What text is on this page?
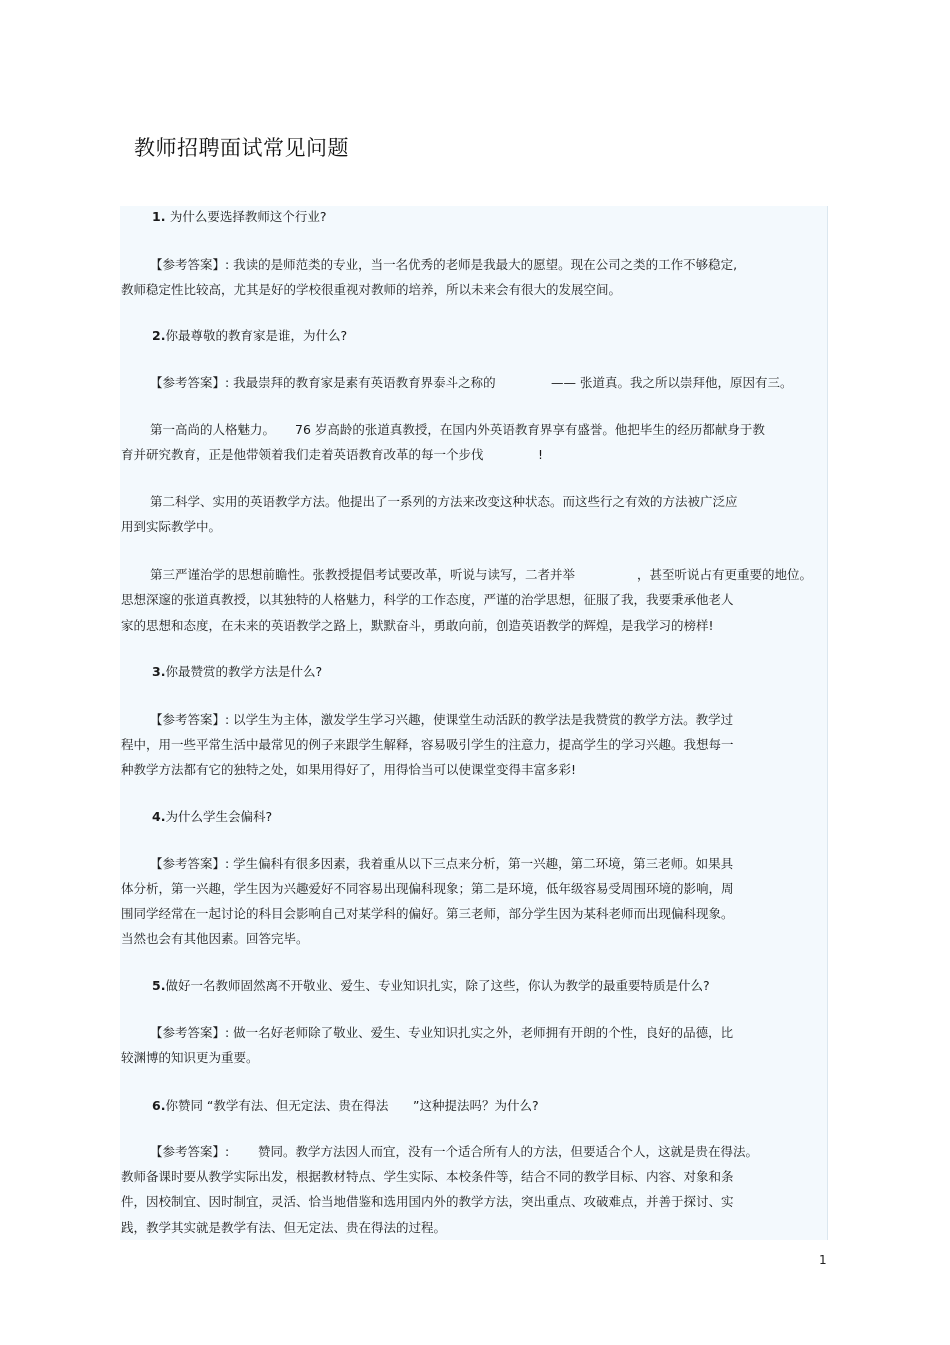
教师招聘面试常见问题
1. 为什么要选择教师这个行业?
【参考答案】: 我读的是师范类的专业，当一名优秀的老师是我最大的愿望。现在公司之类的工作不够稳定,
教师稳定性比较高，尤其是好的学校很重视对教师的培养，所以未来会有很大的发展空间。
2.你最尊敬的教育家是谁，为什么?
【参考答案】: 我最崇拜的教育家是素有英语教育界泰斗之称的	—— 张道真。我之所以崇拜他，原因有三。
第一高尚的人格魅力。 76 岁高龄的张道真教授，在国内外英语教育界享有盛誉。他把毕生的经历都献身于教
育并研究教育，正是他带领着我们走着英语教育改革的每一个步伐	!
第二科学、实用的英语教学方法。他提出了一系列的方法来改变这种状态。而这些行之有效的方法被广泛应
用到实际教学中。
第三严谨治学的思想前瞻性。张教授提倡考试要改革，听说与读写，二者并举	，甚至听说占有更重要的地位。
思想深邃的张道真教授，以其独特的人格魅力，科学的工作态度，严谨的治学思想，征服了我，我要秉承他老人
家的思想和态度，在未来的英语教学之路上，默默奋斗，勇敢向前，创造英语教学的辉煌，是我学习的榜样!
3.你最赞赏的教学方法是什么?
【参考答案】: 以学生为主体，激发学生学习兴趣，使课堂生动活跃的教学法是我赞赏的教学方法。教学过
程中，用一些平常生活中最常见的例子来跟学生解释，容易吸引学生的注意力，提高学生的学习兴趣。我想每一
种教学方法都有它的独特之处，如果用得好了，用得恰当可以使课堂变得丰富多彩!
4.为什么学生会偏科?
【参考答案】: 学生偏科有很多因素，我着重从以下三点来分析，第一兴趣，第二环境，第三老师。如果具
体分析，第一兴趣，学生因为兴趣爱好不同容易出现偏科现象；第二是环境，低年级容易受周围环境的影响，周
围同学经常在一起讨论的科目会影响自己对某学科的偏好。第三老师，部分学生因为某科老师而出现偏科现象。
当然也会有其他因素。回答完毕。
5.做好一名教师固然离不开敬业、爱生、专业知识扎实，除了这些，你认为教学的最重要特质是什么?
【参考答案】: 做一名好老师除了敬业、爱生、专业知识扎实之外，老师拥有开朗的个性，良好的品德，比
较渊博的知识更为重要。
6.你赞同 “教学有法、但无定法、贵在得法 ”这种提法吗？为什么?
【参考答案】: 赞同。教学方法因人而宜，没有一个适合所有人的方法，但要适合个人，这就是贵在得法。
教师备课时要从教学实际出发，根据教材特点、学生实际、本校条件等，结合不同的教学目标、内容、对象和条
件，因校制宜、因时制宜，灵活、恰当地借鉴和选用国内外的教学方法，突出重点、攻破难点，并善于探讨、实
践，教学其实就是教学有法、但无定法、贵在得法的过程。
1
